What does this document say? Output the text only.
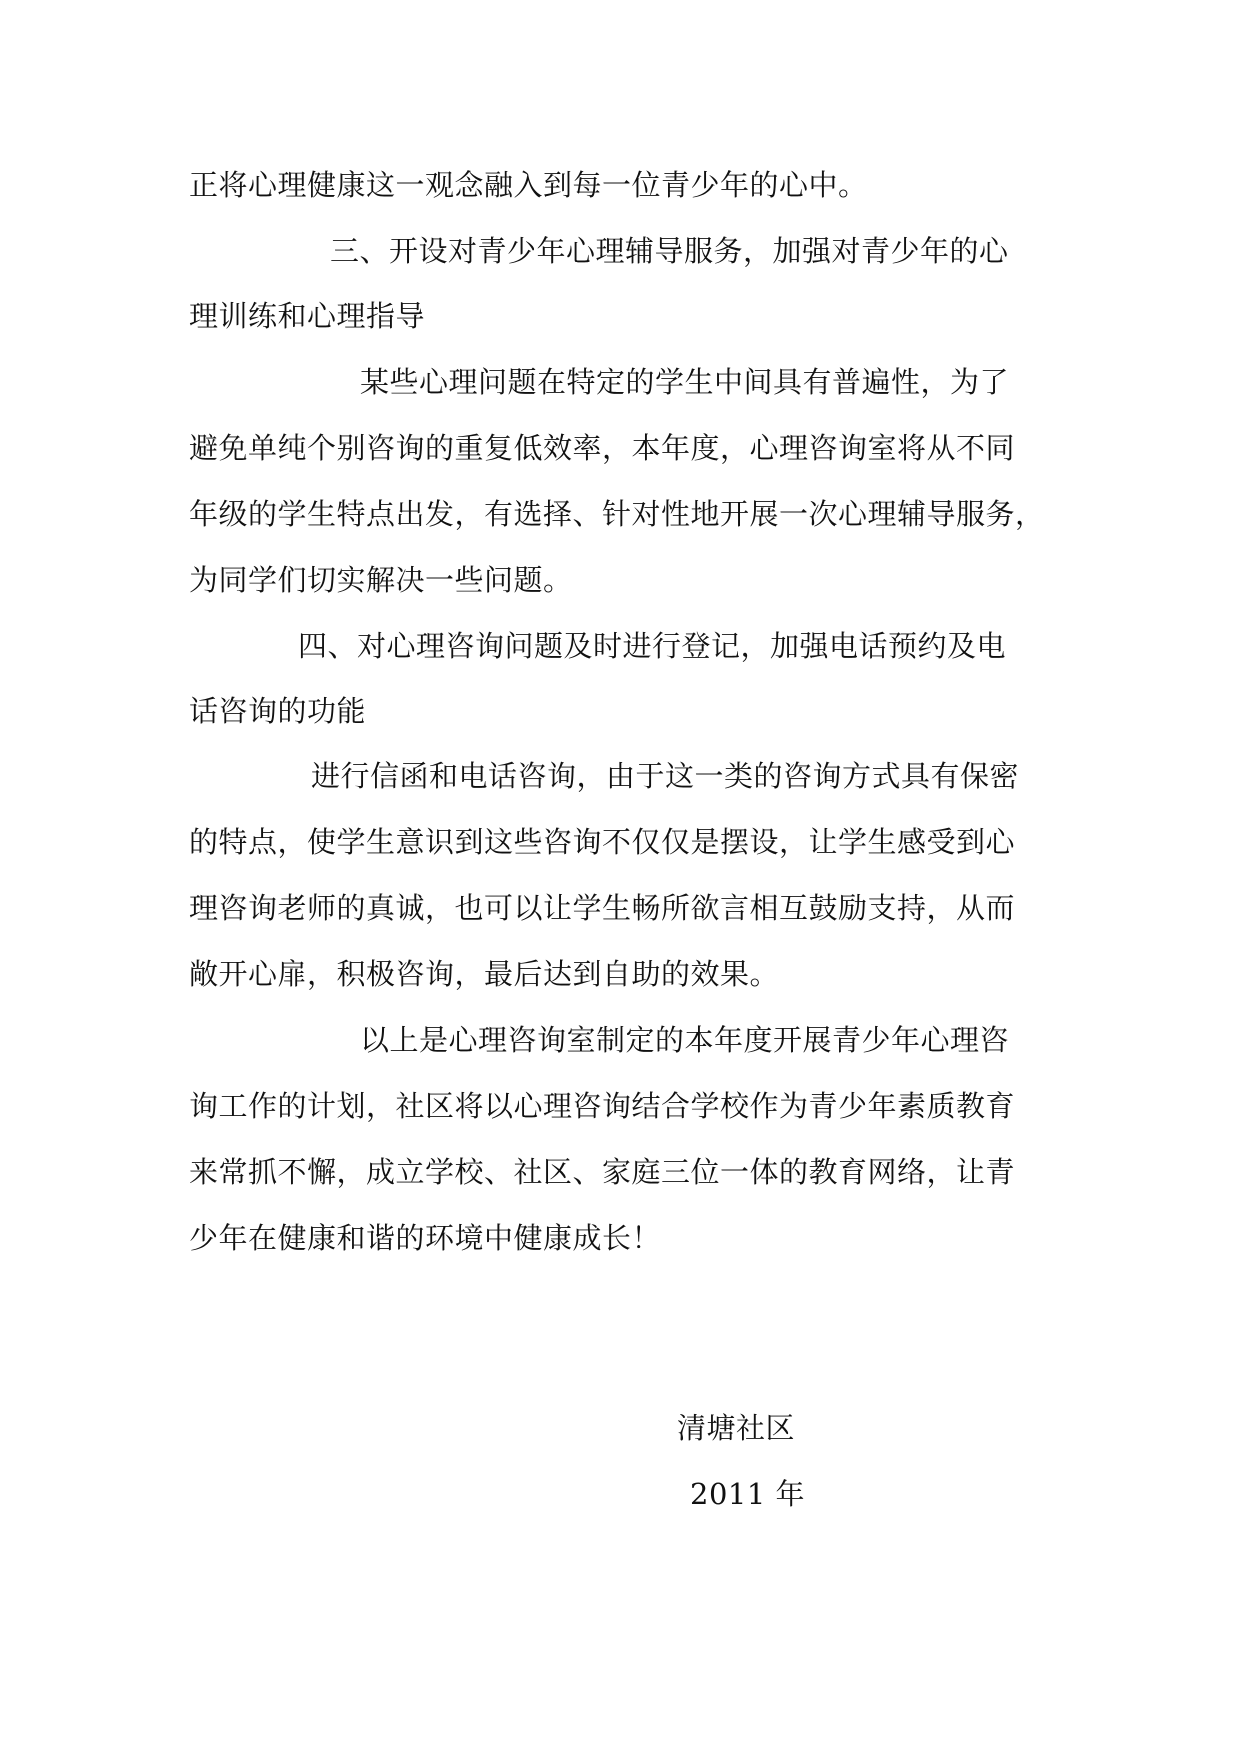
正将心理健康这一观念融入到每一位青少年的心中。
三、开设对青少年心理辅导服务，加强对青少年的心
理训练和心理指导
某些心理问题在特定的学生中间具有普遍性，为了
避免单纯个别咨询的重复低效率，本年度，心理咨询室将从不同
年级的学生特点出发，有选择、针对性地开展一次心理辅导服务，
为同学们切实解决一些问题。
四、对心理咨询问题及时进行登记，加强电话预约及电
话咨询的功能
进行信函和电话咨询，由于这一类的咨询方式具有保密
的特点，使学生意识到这些咨询不仅仅是摆设，让学生感受到心
理咨询老师的真诚，也可以让学生畅所欲言相互鼓励支持，从而
敞开心扉，积极咨询，最后达到自助的效果。
以上是心理咨询室制定的本年度开展青少年心理咨
询工作的计划，社区将以心理咨询结合学校作为青少年素质教育
来常抓不懈，成立学校、社区、家庭三位一体的教育网络，让青
少年在健康和谐的环境中健康成长！
清塘社区
2011 年
